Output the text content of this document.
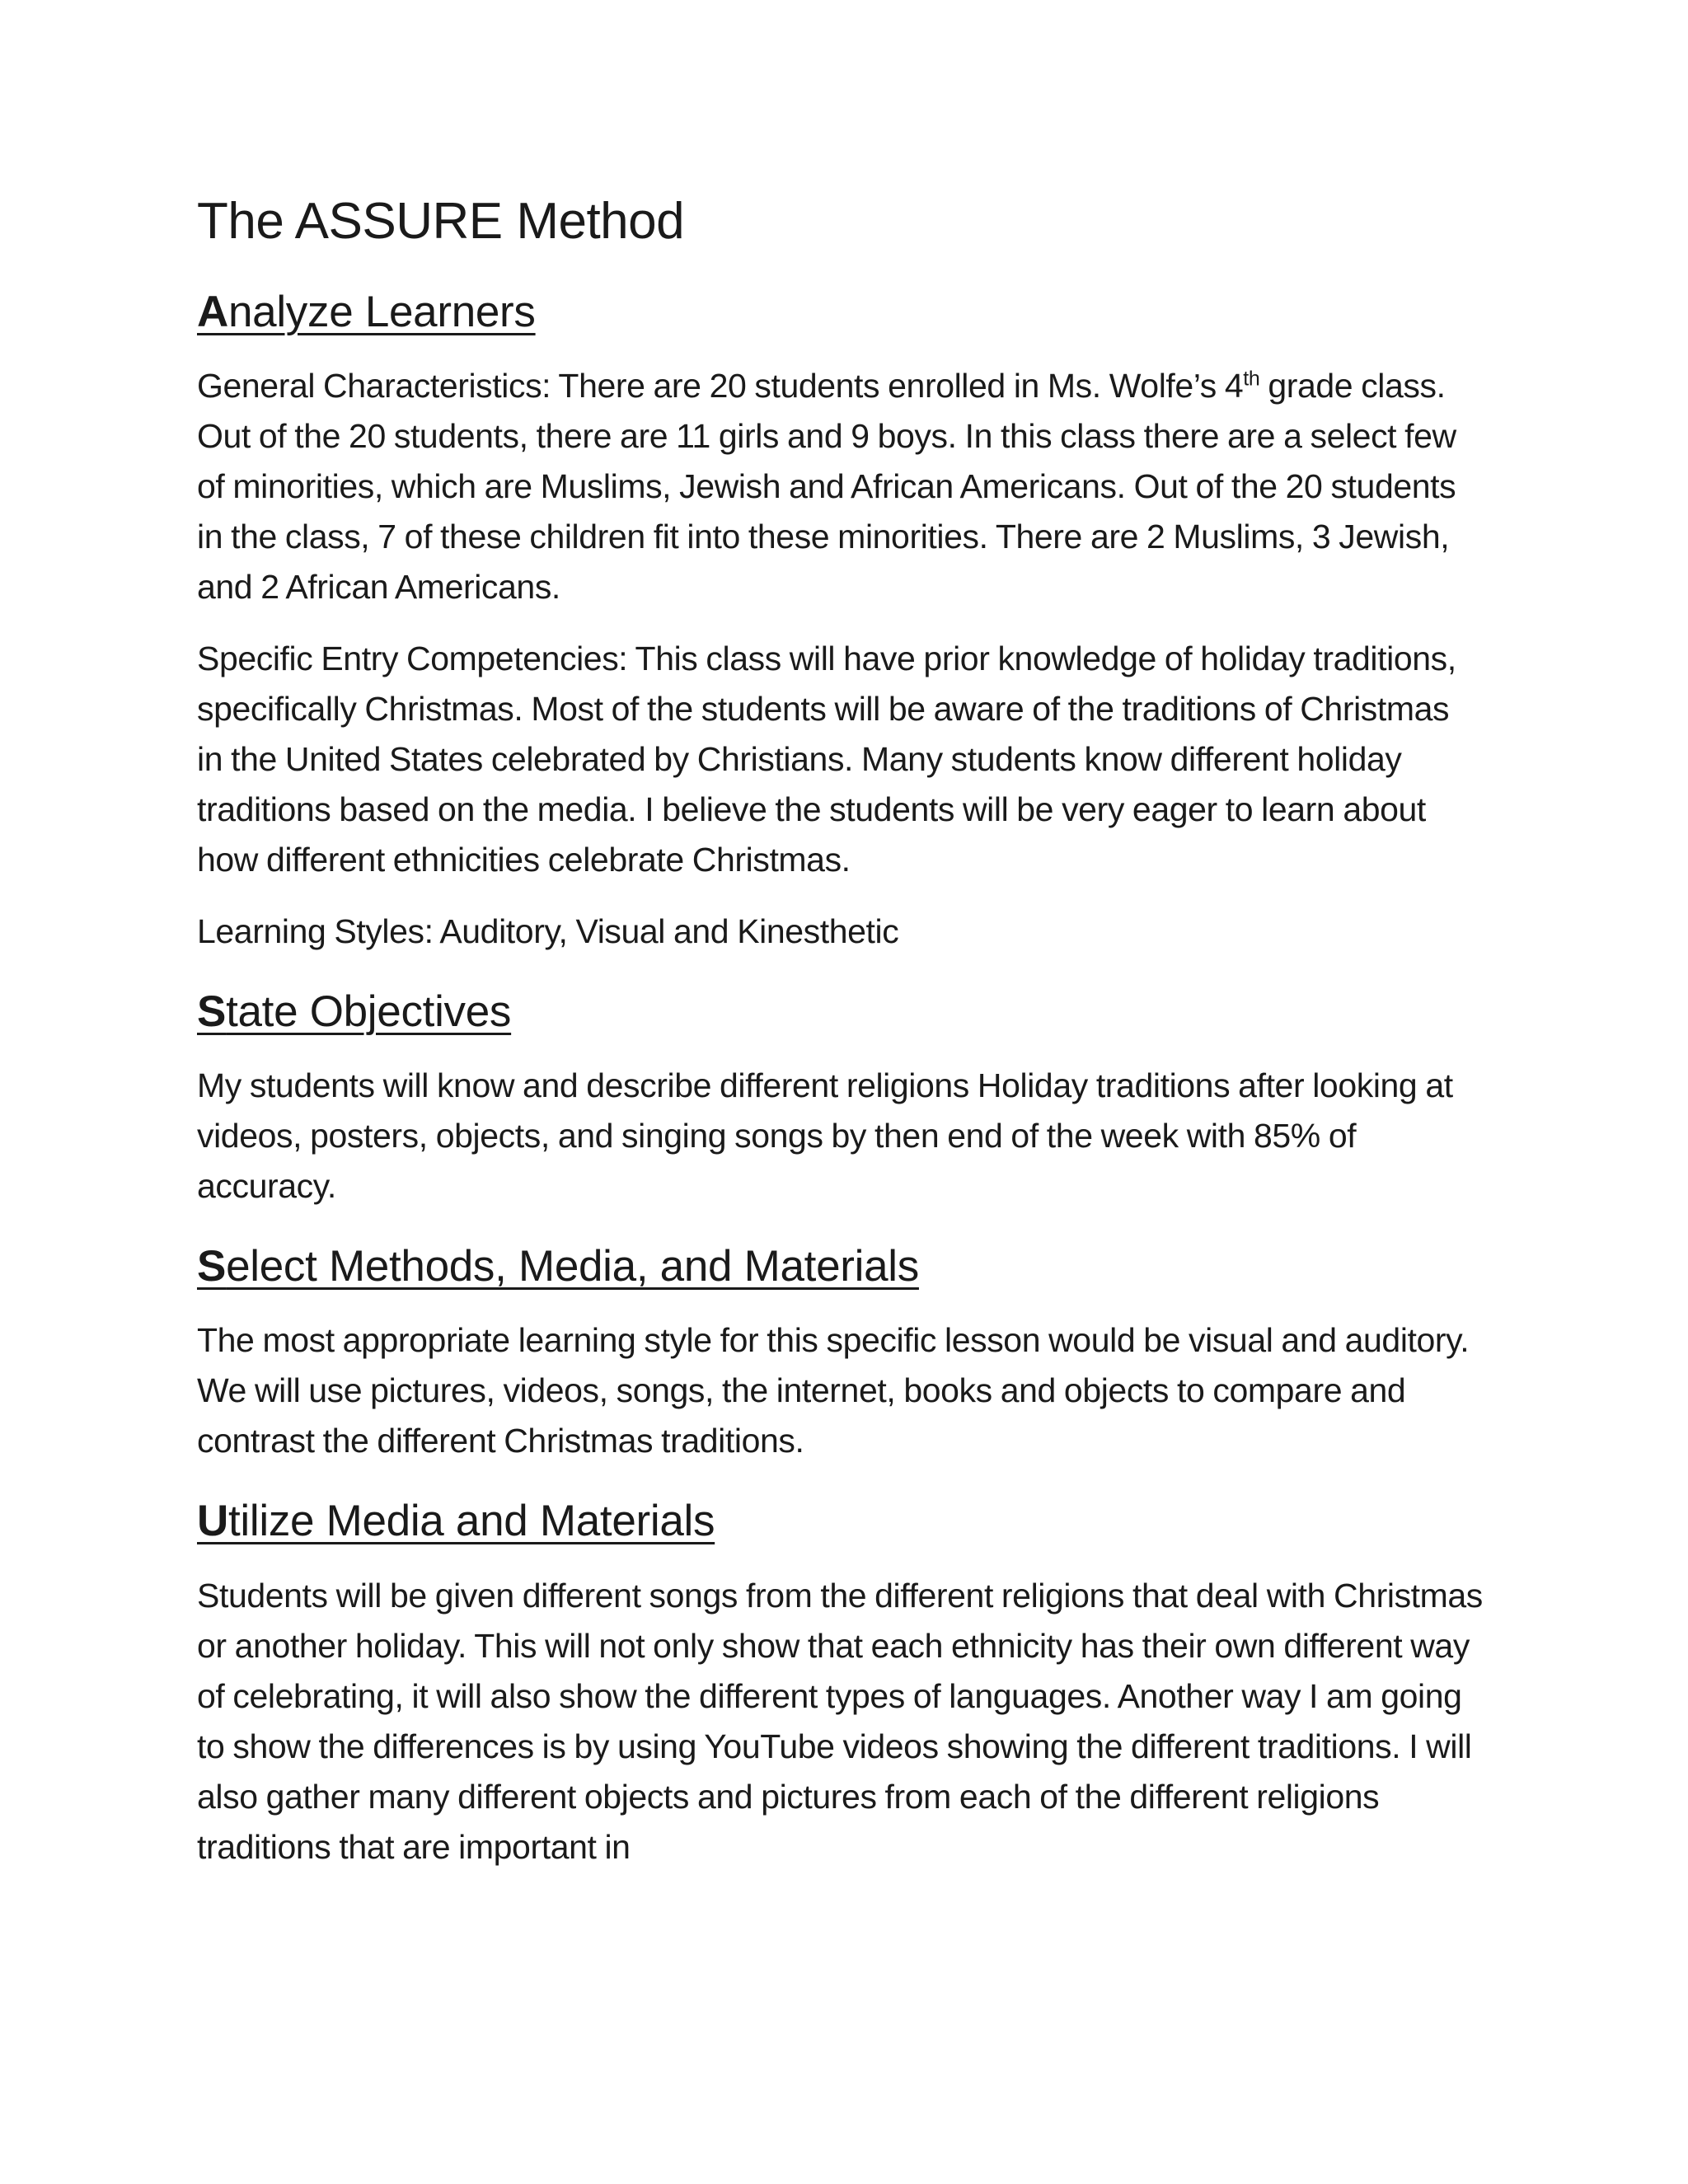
The ASSURE Method
Analyze Learners

General Characteristics: There are 20 students enrolled in Ms. Wolfe’s 4th grade class. Out of the 20 students, there are 11 girls and 9 boys. In this class there are a select few of minorities, which are Muslims, Jewish and African Americans. Out of the 20 students in the class, 7 of these children fit into these minorities. There are 2 Muslims, 3 Jewish, and 2 African Americans.

Specific Entry Competencies: This class will have prior knowledge of holiday traditions, specifically Christmas. Most of the students will be aware of the traditions of Christmas in the United States celebrated by Christians. Many students know different holiday traditions based on the media. I believe the students will be very eager to learn about how different ethnicities celebrate Christmas.

Learning Styles: Auditory, Visual and Kinesthetic

State Objectives

My students will know and describe different religions Holiday traditions after looking at videos, posters, objects, and singing songs by then end of the week with 85% of accuracy.

Select Methods, Media, and Materials

The most appropriate learning style for this specific lesson would be visual and auditory. We will use pictures, videos, songs, the internet, books and objects to compare and contrast the different Christmas traditions.

Utilize Media and Materials

Students will be given different songs from the different religions that deal with Christmas or another holiday. This will not only show that each ethnicity has their own different way of celebrating, it will also show the different types of languages. Another way I am going to show the differences is by using YouTube videos showing the different traditions. I will also gather many different objects and pictures from each of the different religions traditions that are important in
